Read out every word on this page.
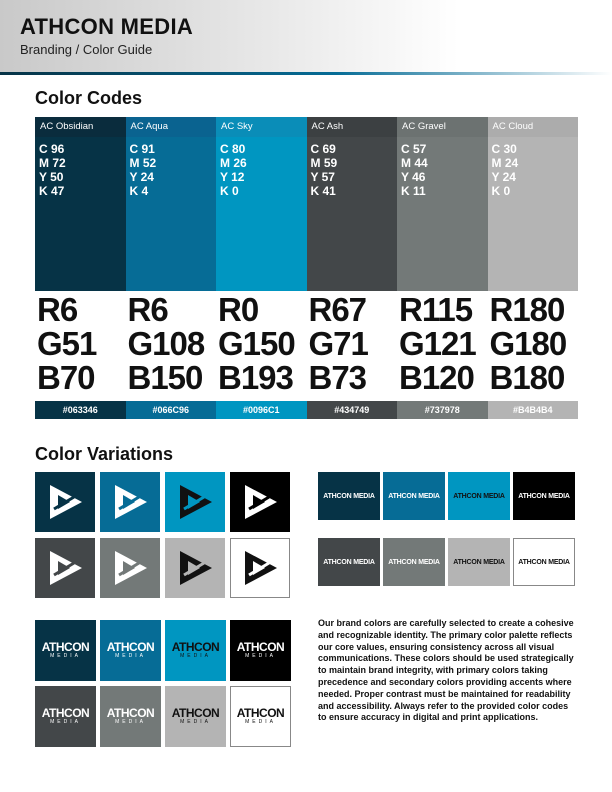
ATHCON MEDIA
Branding / Color Guide
Color Codes
AC Obsidian

C 96

M 72

Y 50

K 47

R6
G51
B70
#063346
AC Aqua

C 91

M 52

Y 24

K 4

R6
G108
B150
#066C96
AC Sky

C 80

M 26

Y 12

K 0

R0
G150
B193
#0096C1
AC Ash

C 69

M 59

Y 57

K 41

R67
G71
B73
#434749
AC Gravel

C 57

M 44

Y 46

K 11

R115
G121
B120
#737978
AC Cloud

C 30

M 24

Y 24

K 0

R180
G180
B180
#B4B4B4
Color Variations
ATHCON MEDIA	ATHCON MEDIA	ATHCON MEDIA	ATHCON MEDIA
ATHCON MEDIA	ATHCON MEDIA	ATHCON MEDIA	ATHCON MEDIA
ATHCON
MEDIA
ATHCON
MEDIA
ATHCON
MEDIA
ATHCON
MEDIA
ATHCON
MEDIA
ATHCON
MEDIA
ATHCON
MEDIA
ATHCON
MEDIA
Our brand colors are carefully selected to create a cohesive and recognizable identity. The primary color palette reflects our core values, ensuring consistency across all visual communications. These colors should be used strategically to maintain brand integrity, with primary colors taking precedence and secondary colors providing accents where needed. Proper contrast must be maintained for readability and accessibility. Always refer to the provided color codes to ensure accuracy in digital and print applications.
